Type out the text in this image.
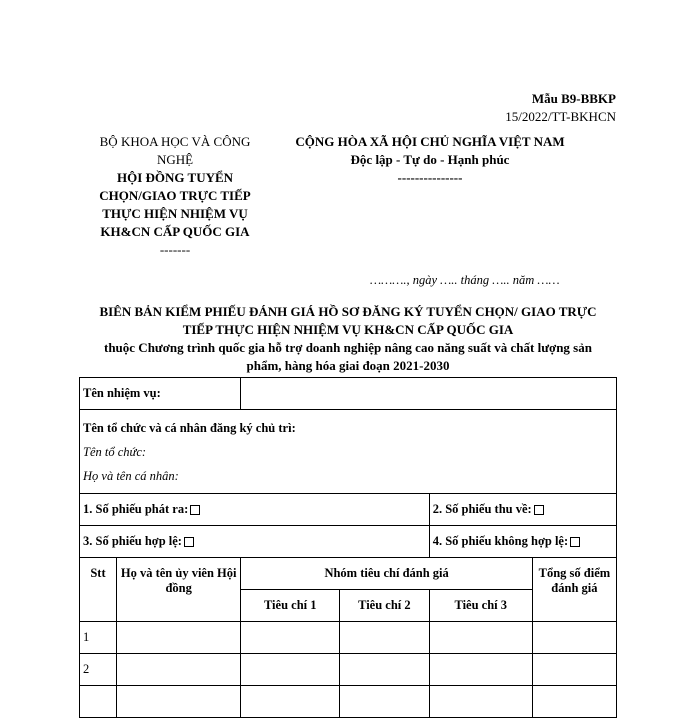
Mẫu B9-BBKP
15/2022/TT-BKHCN
BỘ KHOA HỌC VÀ CÔNG NGHỆ
HỘI ĐỒNG TUYỂN CHỌN/GIAO TRỰC TIẾP THỰC HIỆN NHIỆM VỤ KH&CN CẤP QUỐC GIA
-------
CỘNG HÒA XÃ HỘI CHỦ NGHĨA VIỆT NAM
Độc lập - Tự do - Hạnh phúc
---------------
………., ngày ….. tháng ….. năm ……
BIÊN BẢN KIỂM PHIẾU ĐÁNH GIÁ HỒ SƠ ĐĂNG KÝ TUYỂN CHỌN/ GIAO TRỰC TIẾP THỰC HIỆN NHIỆM VỤ KH&CN CẤP QUỐC GIA
thuộc Chương trình quốc gia hỗ trợ doanh nghiệp nâng cao năng suất và chất lượng sản phẩm, hàng hóa giai đoạn 2021-2030
Tên nhiệm vụ:					

Tên tổ chức và cá nhân đăng ký chủ trì:
Tên tổ chức:
Họ và tên cá nhân:					

1. Số phiếu phát ra:				2. Số phiếu thu về:	
3. Số phiếu hợp lệ:				4. Số phiếu không hợp lệ:	
Stt	Họ và tên ủy viên Hội đồng	Nhóm tiêu chí đánh giá			Tổng số điểm đánh giá
		Tiêu chí 1	Tiêu chí 2	Tiêu chí 3	
1					
2					
